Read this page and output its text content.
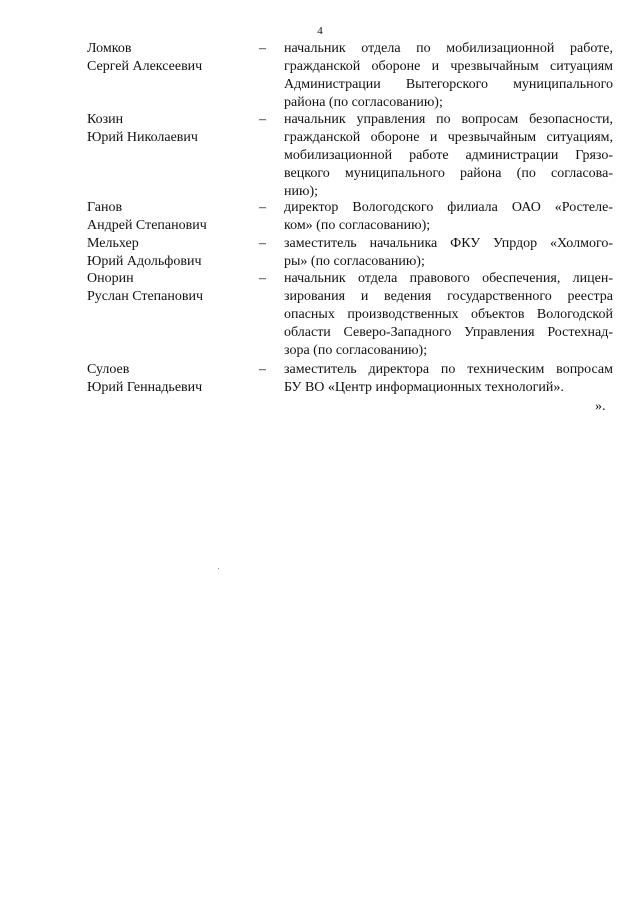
4
Ломков
Сергей Алексеевич
– начальник отдела по мобилизационной работе,
гражданской обороне и чрезвычайным ситуациям
Администрации Вытегорского муниципального
района (по согласованию);
Козин
Юрий Николаевич
– начальник управления по вопросам безопасности,
гражданской обороне и чрезвычайным ситуациям,
мобилизационной работе администрации Грязо-
вецкого муниципального района (по согласова-
нию);
Ганов
Андрей Степанович
– директор Вологодского филиала ОАО «Ростеле-
ком» (по согласованию);
Мельхер
Юрий Адольфович
– заместитель начальника ФКУ Упрдор «Холмого-
ры» (по согласованию);
Онорин
Руслан Степанович
– начальник отдела правового обеспечения, лицен-
зирования и ведения государственного реестра
опасных производственных объектов Вологодской
области Северо-Западного Управления Ростехнад-
зора (по согласованию);
Сулоев
Юрий Геннадьевич
– заместитель директора по техническим вопросам
БУ ВО «Центр информационных технологий».
».
